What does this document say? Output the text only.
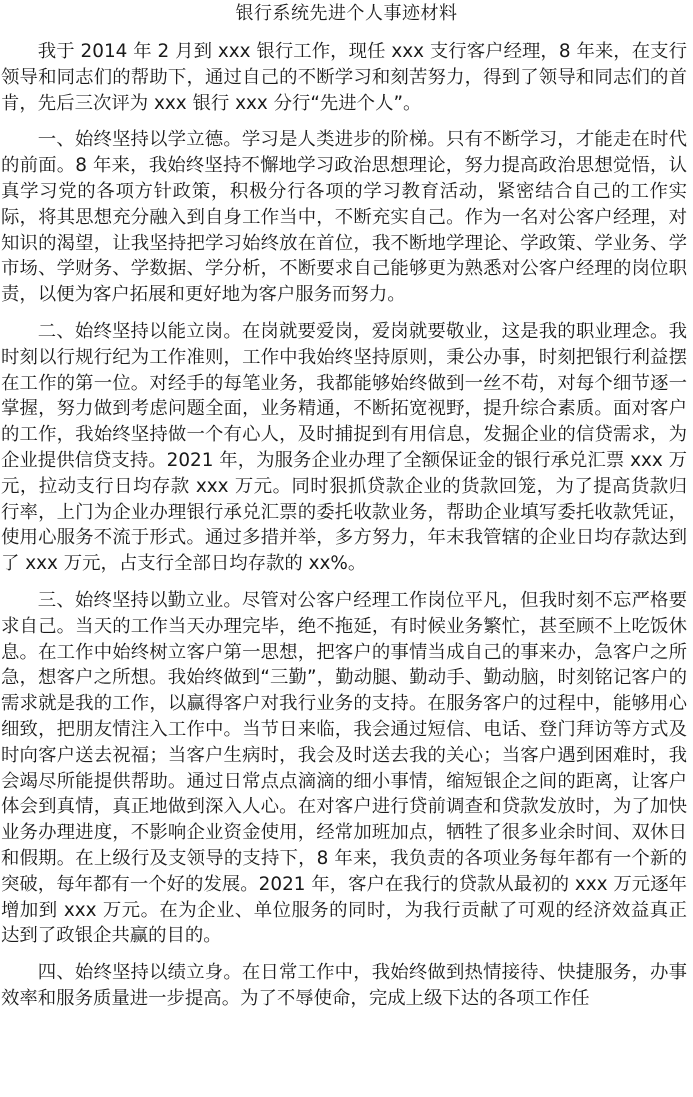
银行系统先进个人事迹材料

我于 2014 年 2 月到 xxx 银行工作，现任 xxx 支行客户经理，8 年来，在支行领导和同志们的帮助下，通过自己的不断学习和刻苦努力，得到了领导和同志们的首肯，先后三次评为 xxx 银行 xxx 分行“先进个人”。

一、始终坚持以学立德。学习是人类进步的阶梯。只有不断学习，才能走在时代的前面。8 年来，我始终坚持不懈地学习政治思想理论，努力提高政治思想觉悟，认真学习党的各项方针政策，积极分行各项的学习教育活动，紧密结合自己的工作实际，将其思想充分融入到自身工作当中，不断充实自己。作为一名对公客户经理，对知识的渴望，让我坚持把学习始终放在首位，我不断地学理论、学政策、学业务、学市场、学财务、学数据、学分析，不断要求自己能够更为熟悉对公客户经理的岗位职责，以便为客户拓展和更好地为客户服务而努力。

二、始终坚持以能立岗。在岗就要爱岗，爱岗就要敬业，这是我的职业理念。我时刻以行规行纪为工作准则，工作中我始终坚持原则，秉公办事，时刻把银行利益摆在工作的第一位。对经手的每笔业务，我都能够始终做到一丝不苟，对每个细节逐一掌握，努力做到考虑问题全面，业务精通，不断拓宽视野，提升综合素质。面对客户的工作，我始终坚持做一个有心人，及时捕捉到有用信息，发掘企业的信贷需求，为企业提供信贷支持。2021 年，为服务企业办理了全额保证金的银行承兑汇票 xxx 万元，拉动支行日均存款 xxx 万元。同时狠抓贷款企业的货款回笼，为了提高货款归行率，上门为企业办理银行承兑汇票的委托收款业务，帮助企业填写委托收款凭证，使用心服务不流于形式。通过多措并举，多方努力，年末我管辖的企业日均存款达到了 xxx 万元，占支行全部日均存款的 xx%。

三、始终坚持以勤立业。尽管对公客户经理工作岗位平凡，但我时刻不忘严格要求自己。当天的工作当天办理完毕，绝不拖延，有时候业务繁忙，甚至顾不上吃饭休息。在工作中始终树立客户第一思想，把客户的事情当成自己的事来办，急客户之所急，想客户之所想。我始终做到“三勤”，勤动腿、勤动手、勤动脑，时刻铭记客户的需求就是我的工作，以赢得客户对我行业务的支持。在服务客户的过程中，能够用心细致，把朋友情注入工作中。当节日来临，我会通过短信、电话、登门拜访等方式及时向客户送去祝福；当客户生病时，我会及时送去我的关心；当客户遇到困难时，我会竭尽所能提供帮助。通过日常点点滴滴的细小事情，缩短银企之间的距离，让客户体会到真情，真正地做到深入人心。在对客户进行贷前调查和贷款发放时，为了加快业务办理进度，不影响企业资金使用，经常加班加点，牺牲了很多业余时间、双休日和假期。在上级行及支领导的支持下，8 年来，我负责的各项业务每年都有一个新的突破，每年都有一个好的发展。2021 年，客户在我行的贷款从最初的 xxx 万元逐年增加到 xxx 万元。在为企业、单位服务的同时，为我行贡献了可观的经济效益真正达到了政银企共赢的目的。

四、始终坚持以绩立身。在日常工作中，我始终做到热情接待、快捷服务，办事效率和服务质量进一步提高。为了不辱使命，完成上级下达的各项工作任
